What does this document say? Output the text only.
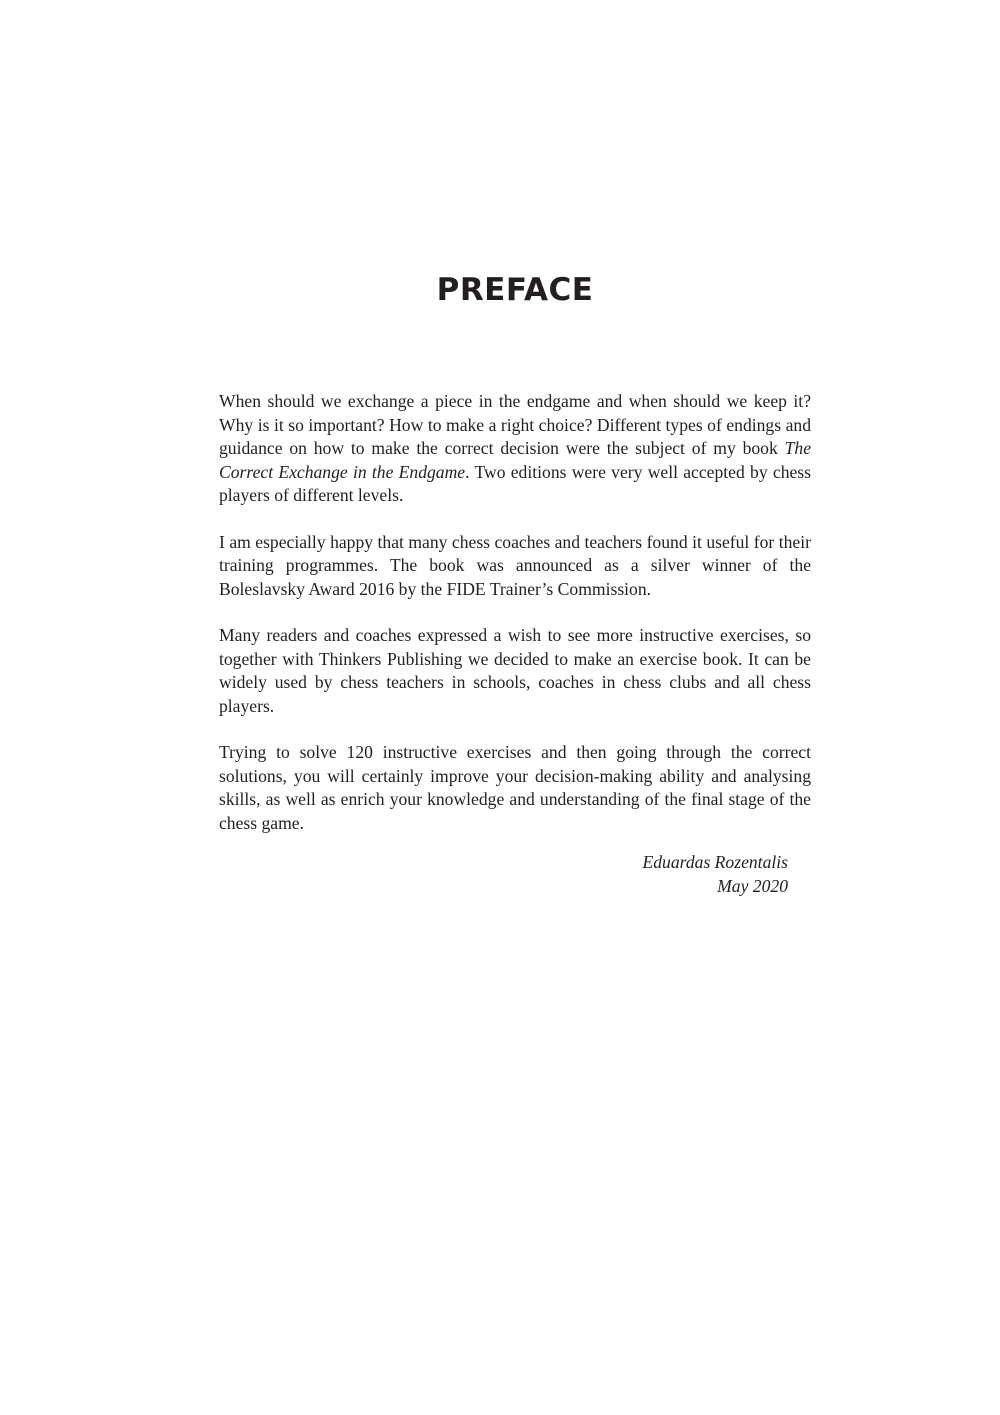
PREFACE

When should we exchange a piece in the endgame and when should we keep it? Why is it so important? How to make a right choice? Different types of endings and guidance on how to make the correct decision were the subject of my book The Correct Exchange in the Endgame. Two editions were very well accepted by chess players of different levels.

I am especially happy that many chess coaches and teachers found it useful for their training programmes. The book was announced as a silver winner of the Boleslavsky Award 2016 by the FIDE Trainer’s Commission.

Many readers and coaches expressed a wish to see more instructive exercises, so together with Thinkers Publishing we decided to make an exercise book. It can be widely used by chess teachers in schools, coaches in chess clubs and all chess players.

Trying to solve 120 instructive exercises and then going through the correct solutions, you will certainly improve your decision-making ability and analysing skills, as well as enrich your knowledge and understanding of the final stage of the chess game.

Eduardas Rozentalis
May 2020
